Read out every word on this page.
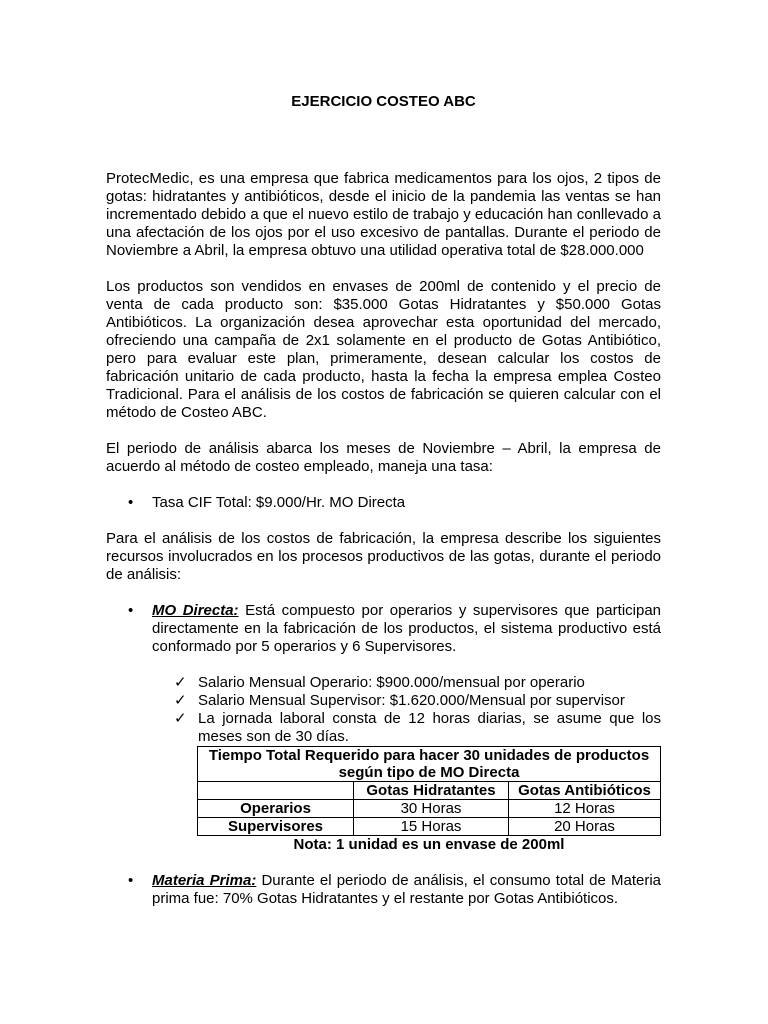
EJERCICIO COSTEO ABC

ProtecMedic, es una empresa que fabrica medicamentos para los ojos, 2 tipos de gotas: hidratantes y antibióticos, desde el inicio de la pandemia las ventas se han incrementado debido a que el nuevo estilo de trabajo y educación han conllevado a una afectación de los ojos por el uso excesivo de pantallas. Durante el periodo de Noviembre a Abril, la empresa obtuvo una utilidad operativa total de $28.000.000

Los productos son vendidos en envases de 200ml de contenido y el precio de venta de cada producto son: $35.000 Gotas Hidratantes y $50.000 Gotas Antibióticos. La organización desea aprovechar esta oportunidad del mercado, ofreciendo una campaña de 2x1 solamente en el producto de Gotas Antibiótico, pero para evaluar este plan, primeramente, desean calcular los costos de fabricación unitario de cada producto, hasta la fecha la empresa emplea Costeo Tradicional. Para el análisis de los costos de fabricación se quieren calcular con el método de Costeo ABC.

El periodo de análisis abarca los meses de Noviembre – Abril, la empresa de acuerdo al método de costeo empleado, maneja una tasa:

• Tasa CIF Total: $9.000/Hr. MO Directa

Para el análisis de los costos de fabricación, la empresa describe los siguientes recursos involucrados en los procesos productivos de las gotas, durante el periodo de análisis:

• MO Directa: Está compuesto por operarios y supervisores que participan directamente en la fabricación de los productos, el sistema productivo está conformado por 5 operarios y 6 Supervisores.
✓ Salario Mensual Operario: $900.000/mensual por operario
✓ Salario Mensual Supervisor: $1.620.000/Mensual por supervisor
✓ La jornada laboral consta de 12 horas diarias, se asume que los meses son de 30 días.
Tiempo Total Requerido para hacer 30 unidades de productos según tipo de MO Directa		
	Gotas Hidratantes	Gotas Antibióticos
Operarios	30 Horas	12 Horas
Supervisores	15 Horas	20 Horas
Nota: 1 unidad es un envase de 200ml
• Materia Prima: Durante el periodo de análisis, el consumo total de Materia prima fue: 70% Gotas Hidratantes y el restante por Gotas Antibióticos.
